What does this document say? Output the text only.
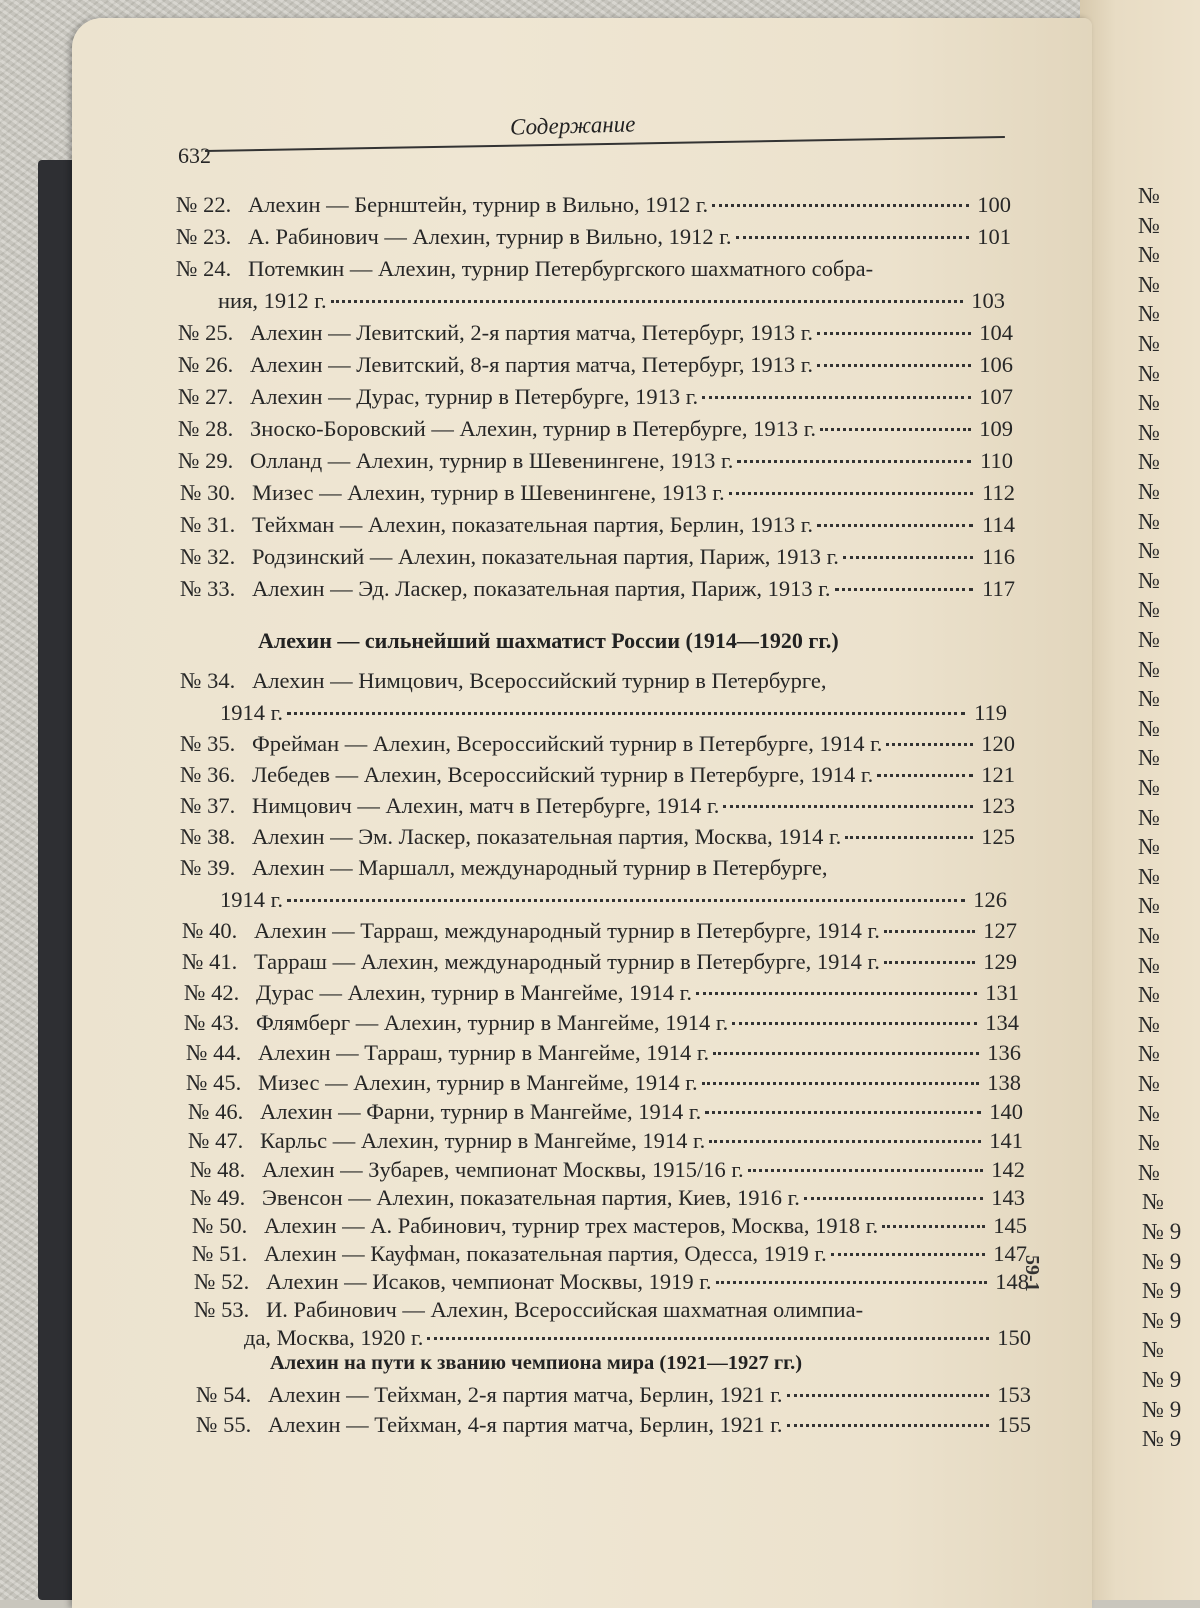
№
№
№
№
№
№
№
№
№
№
№
№
№
№
№
№
№
№
№
№
№
№
№
№
№
№
№
№
№
№
№
№
№
№
№
№ 9
№ 9
№ 9
№ 9
№
№ 9
№ 9
№ 9
632
Содержание
Алехин — сильнейший шахматист России (1914—1920 гг.)
Алехин на пути к званию чемпиона мира (1921—1927 гг.)
№ 22. Алехин — Бернштейн, турнир в Вильно, 1912 г.	100
№ 23. А. Рабинович — Алехин, турнир в Вильно, 1912 г.	101
№ 24. Потемкин — Алехин, турнир Петербургского шахматного собра-
ния, 1912 г.	103
№ 25. Алехин — Левитский, 2-я партия матча, Петербург, 1913 г.	104
№ 26. Алехин — Левитский, 8-я партия матча, Петербург, 1913 г.	106
№ 27. Алехин — Дурас, турнир в Петербурге, 1913 г.	107
№ 28. Зноско-Боровский — Алехин, турнир в Петербурге, 1913 г.	109
№ 29. Олланд — Алехин, турнир в Шевенингене, 1913 г.	110
№ 30. Мизес — Алехин, турнир в Шевенингене, 1913 г.	112
№ 31. Тейхман — Алехин, показательная партия, Берлин, 1913 г.	114
№ 32. Родзинский — Алехин, показательная партия, Париж, 1913 г.	116
№ 33. Алехин — Эд. Ласкер, показательная партия, Париж, 1913 г.	117
№ 34. Алехин — Нимцович, Всероссийский турнир в Петербурге,
1914 г.	119
№ 35. Фрейман — Алехин, Всероссийский турнир в Петербурге, 1914 г.	120
№ 36. Лебедев — Алехин, Всероссийский турнир в Петербурге, 1914 г.	121
№ 37. Нимцович — Алехин, матч в Петербурге, 1914 г.	123
№ 38. Алехин — Эм. Ласкер, показательная партия, Москва, 1914 г.	125
№ 39. Алехин — Маршалл, международный турнир в Петербурге,
1914 г.	126
№ 40. Алехин — Тарраш, международный турнир в Петербурге, 1914 г.	127
№ 41. Тарраш — Алехин, международный турнир в Петербурге, 1914 г.	129
№ 42. Дурас — Алехин, турнир в Мангейме, 1914 г.	131
№ 43. Флямберг — Алехин, турнир в Мангейме, 1914 г.	134
№ 44. Алехин — Тарраш, турнир в Мангейме, 1914 г.	136
№ 45. Мизес — Алехин, турнир в Мангейме, 1914 г.	138
№ 46. Алехин — Фарни, турнир в Мангейме, 1914 г.	140
№ 47. Карльс — Алехин, турнир в Мангейме, 1914 г.	141
№ 48. Алехин — Зубарев, чемпионат Москвы, 1915/16 г.	142
№ 49. Эвенсон — Алехин, показательная партия, Киев, 1916 г.	143
№ 50. Алехин — А. Рабинович, турнир трех мастеров, Москва, 1918 г.	145
№ 51. Алехин — Кауфман, показательная партия, Одесса, 1919 г.	147
№ 52. Алехин — Исаков, чемпионат Москвы, 1919 г.	148
№ 53. И. Рабинович — Алехин, Всероссийская шахматная олимпиа-
да, Москва, 1920 г.	150
№ 54. Алехин — Тейхман, 2-я партия матча, Берлин, 1921 г.	153
№ 55. Алехин — Тейхман, 4-я партия матча, Берлин, 1921 г.	155
59-1
